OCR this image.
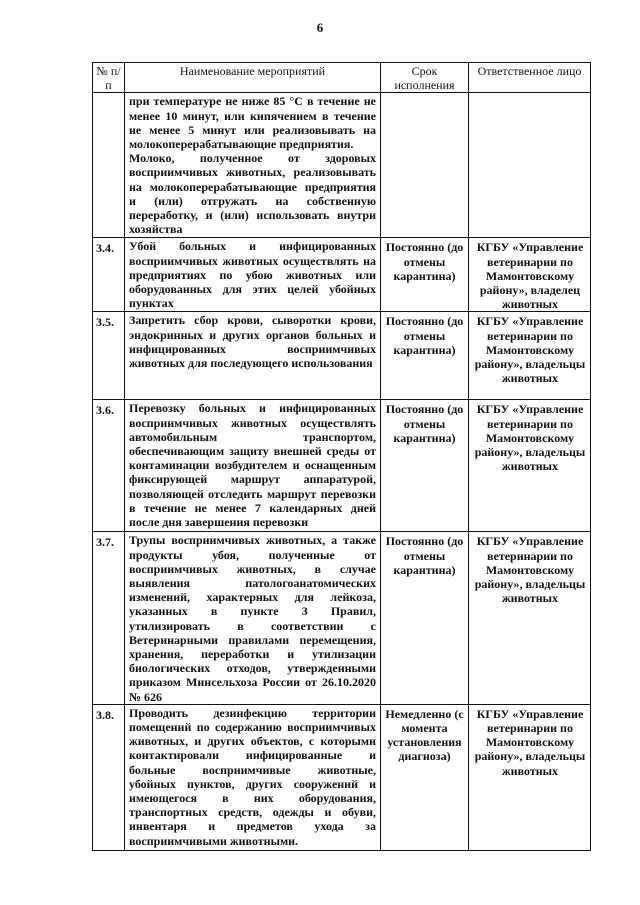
6
№ п/п	Наименование мероприятий	Срок исполнения	Ответственное лицо

	при температуре не ниже 85 °С в течение не менее 10 минут, или кипячением в течение не менее 5 минут или реализовывать на молокоперерабатывающие предприятия.
Молоко, полученное от здоровых восприимчивых животных, реализовывать на молокоперерабатывающие предприятия и (или) отгружать на собственную переработку, и (или) использовать внутри хозяйства		

3.4.	Убой больных и инфицированных восприимчивых животных осуществлять на предприятиях по убою животных или оборудованных для этих целей убойных пунктах	Постоянно (до отмены карантина)	КГБУ «Управление ветеринарии по Мамонтовскому району», владелец животных
3.5.	Запретить сбор крови, сыворотки крови, эндокринных и других органов больных и инфицированных восприимчивых животных для последующего использования	Постоянно (до отмены карантина)	КГБУ «Управление ветеринарии по Мамонтовскому району», владельцы животных
3.6.	Перевозку больных и инфицированных восприимчивых животных осуществлять автомобильным транспортом, обеспечивающим защиту внешней среды от контаминации возбудителем и оснащенным фиксирующей маршрут аппаратурой, позволяющей отследить маршрут перевозки в течение не менее 7 календарных дней после дня завершения перевозки	Постоянно (до отмены карантина)	КГБУ «Управление ветеринарии по Мамонтовскому району», владельцы животных
3.7.	Трупы восприимчивых животных, а также продукты убоя, полученные от восприимчивых животных, в случае выявления патологоанатомических изменений, характерных для лейкоза, указанных в пункте 3 Правил, утилизировать в соответствии с Ветеринарными правилами перемещения, хранения, переработки и утилизации биологических отходов, утвержденными приказом Минсельхоза России от 26.10.2020 № 626	Постоянно (до отмены карантина)	КГБУ «Управление ветеринарии по Мамонтовскому району», владельцы животных
3.8.	Проводить дезинфекцию территории помещений по содержанию восприимчивых животных, и других объектов, с которыми контактировали инфицированные и больные восприимчивые животные, убойных пунктов, других сооружений и имеющегося в них оборудования, транспортных средств, одежды и обуви, инвентаря и предметов ухода за восприимчивыми животными.	Немедленно (с момента установления диагноза)	КГБУ «Управление ветеринарии по Мамонтовскому району», владельцы животных
